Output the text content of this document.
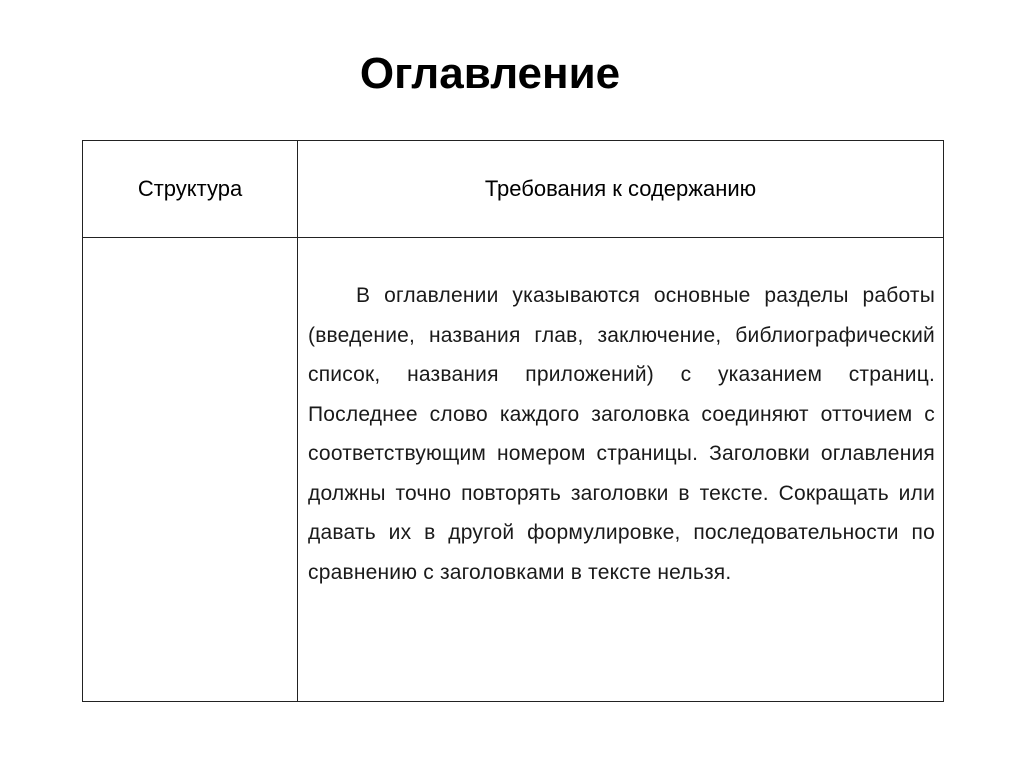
Оглавление
Структура	Требования к содержанию

	В оглавлении указываются основные разделы работы (введение, названия глав, заключение, библиографический список, названия приложений) с указанием страниц. Последнее слово каждого заголовка соединяют отточием с соответствующим номером страницы. Заголовки оглавления должны точно повторять заголовки в тексте. Сокращать или давать их в другой формулировке, последовательности по сравнению с заголовками в тексте нельзя.
